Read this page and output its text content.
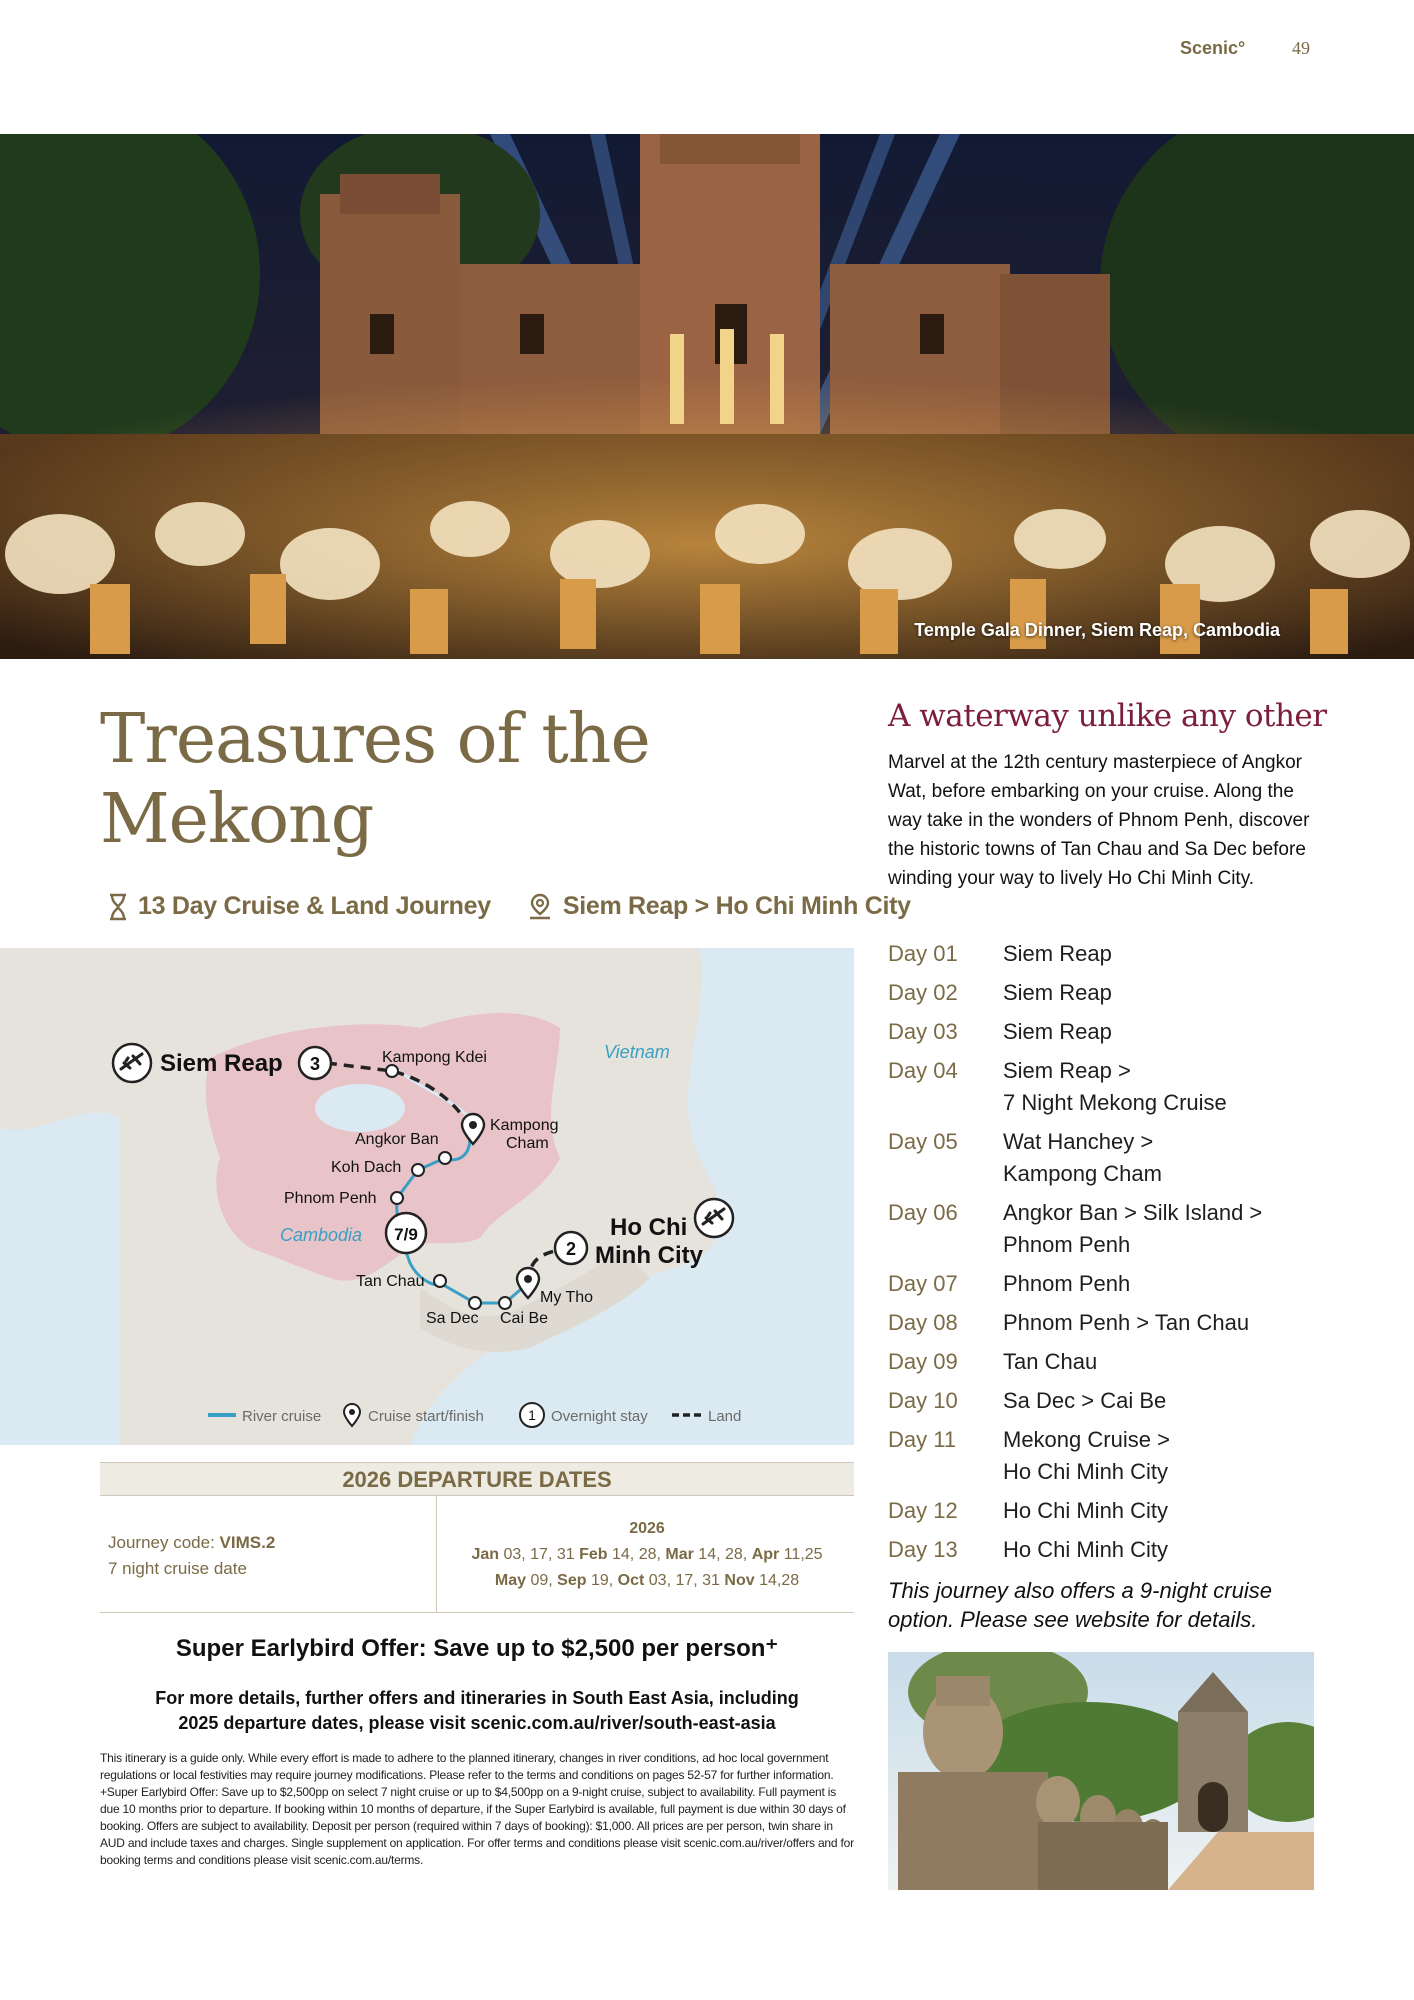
Scenic°	49
Temple Gala Dinner, Siem Reap, Cambodia
Treasures of the
Mekong
13 Day Cruise & Land Journey	Siem Reap > Ho Chi Minh City
Siem Reap 3
Ho Chi
Minh City
2
7/9
Vietnam
Cambodia
Kampong Kdei
Kampong
Cham
Angkor Ban
Koh Dach
Phnom Penh
Tan Chau
Sa Dec Cai Be
My Tho
River cruise	Cruise start/finish	1 Overnight stay	Land
2026 DEPARTURE DATES
Journey code: VIMS.2
7 night cruise date
2026
Jan 03, 17, 31 Feb 14, 28, Mar 14, 28, Apr 11,25
May 09, Sep 19, Oct 03, 17, 31 Nov 14,28
Super Earlybird Offer: Save up to $2,500 per person⁺
For more details, further offers and itineraries in South East Asia, including
2025 departure dates, please visit scenic.com.au/river/south-east-asia
This itinerary is a guide only. While every effort is made to adhere to the planned itinerary, changes in river conditions, ad hoc local government regulations or local festivities may require journey modifications. Please refer to the terms and conditions on pages 52-57 for further information.
+Super Earlybird Offer: Save up to $2,500pp on select 7 night cruise or up to $4,500pp on a 9-night cruise, subject to availability. Full payment is due 10 months prior to departure. If booking within 10 months of departure, if the Super Earlybird is available, full payment is due within 30 days of booking. Offers are subject to availability. Deposit per person (required within 7 days of booking): $1,000. All prices are per person, twin share in AUD and include taxes and charges. Single supplement on application. For offer terms and conditions please visit scenic.com.au/river/offers and for booking terms and conditions please visit scenic.com.au/terms.
A waterway unlike any other
Marvel at the 12th century masterpiece of Angkor Wat, before embarking on your cruise. Along the way take in the wonders of Phnom Penh, discover the historic towns of Tan Chau and Sa Dec before winding your way to lively Ho Chi Minh City.
Day 01	Siem Reap
Day 02	Siem Reap
Day 03	Siem Reap
Day 04	Siem Reap >
7 Night Mekong Cruise
Day 05	Wat Hanchey >
Kampong Cham
Day 06	Angkor Ban > Silk Island >
Phnom Penh
Day 07	Phnom Penh
Day 08	Phnom Penh > Tan Chau
Day 09	Tan Chau
Day 10	Sa Dec > Cai Be
Day 11	Mekong Cruise >
Ho Chi Minh City
Day 12	Ho Chi Minh City
Day 13	Ho Chi Minh City
This journey also offers a 9-night cruise option. Please see website for details.
